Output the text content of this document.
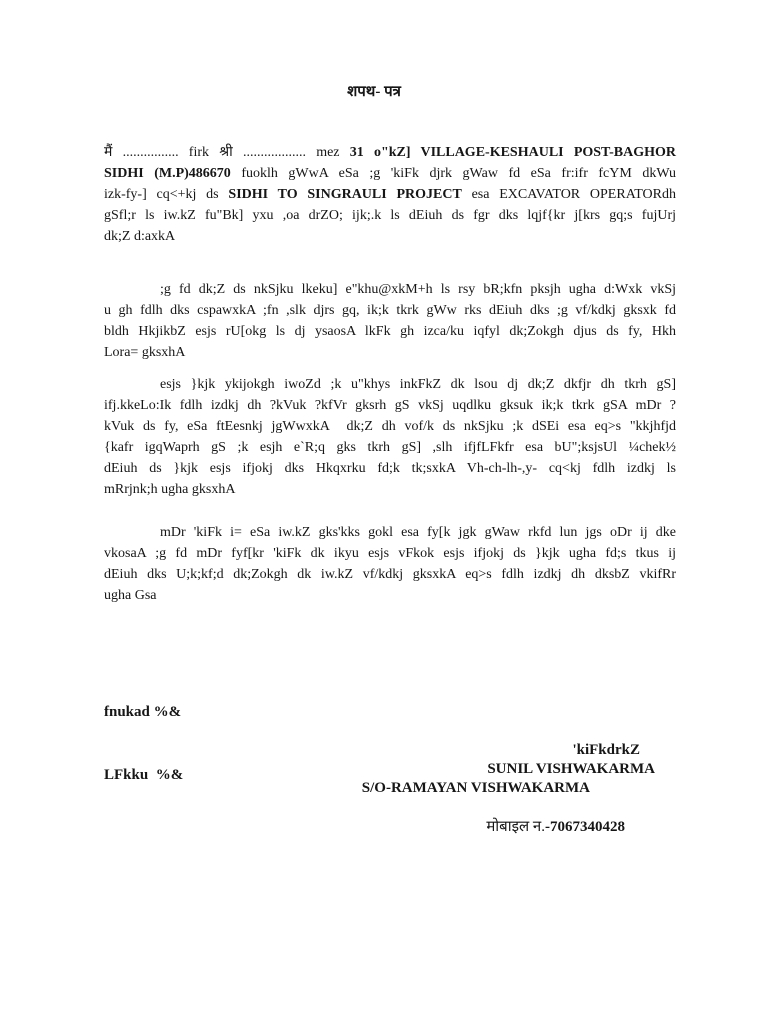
शपथ- पत्र
मैं ................ firk श्री .................. mez 31 o"kZ] VILLAGE-KESHAULI POST-BAGHOR
SIDHI (M.P)486670 fuoklh gWwA eSa ;g 'kiFk djrk gWaw fd eSa fr:ifr fcYM dkWu
izk-fy-] cq<+kj ds SIDHI TO SINGRAULI PROJECT esa EXCAVATOR OPERATORdh
gSfl;r ls iw.kZ fu"Bk] yxu ,oa drZO; ijk;.k ls dEiuh ds fgr dks lqjf{kr j[krs gq;s fujUrj
dk;Z d:axkA
;g fd dk;Z ds nkSjku lkeku] e"khu@xkM+h ls rsy bR;kfn pksjh ugha d:Wxk vkSj
u gh fdlh dks cspawxkA ;fn ,slk djrs gq, ik;k tkrk gWw rks dEiuh dks ;g vf/kdkj gksxk fd
bldh HkjikbZ esjs rU[okg ls dj ysaosA lkFk gh izca/ku iqfyl dk;Zokgh djus ds fy, Hkh
Lora= gksxhA
esjs }kjk ykijokgh iwoZd ;k u"khys inkFkZ dk lsou dj dk;Z dkfjr dh tkrh gS]
ifj.kkeLo:Ik fdlh izdkj dh ?kVuk ?kfVr gksrh gS vkSj uqdlku gksuk ik;k tkrk gSA mDr ?
kVuk ds fy, eSa ftEesnkj jgWwxkA  dk;Z dh vof/k ds nkSjku ;k dSEi esa eq>s "kkjhfjd
{kafr igqWaprh gS ;k esjh e`R;q gks tkrh gS] ,slh ifjfLFkfr esa bU";ksjsUl ¼chek½
dEiuh ds }kjk esjs ifjokj dks Hkqxrku fd;k tk;sxkA Vh-ch-lh-,y- cq<kj fdlh izdkj ls
mRrjnk;h ugha gksxhA
mDr 'kiFk i= eSa iw.kZ gks'kks gokl esa fy[k jgk gWaw rkfd lun jgs oDr ij dke
vkosaA ;g fd mDr fyf[kr 'kiFk dk ikyu esjs vFkok esjs ifjokj ds }kjk ugha fd;s tkus ij
dEiuh dks U;k;kf;d dk;Zokgh dk iw.kZ vf/kdkj gksxkA eq>s fdlh izdkj dh dksbZ vkifRr
ugha Gsa

fnukad %&

LFkku  %&

'kiFkdrkZ
SUNIL VISHWAKARMA
S/O-RAMAYAN VISHWAKARMA

मोबाइल न.-7067340428
